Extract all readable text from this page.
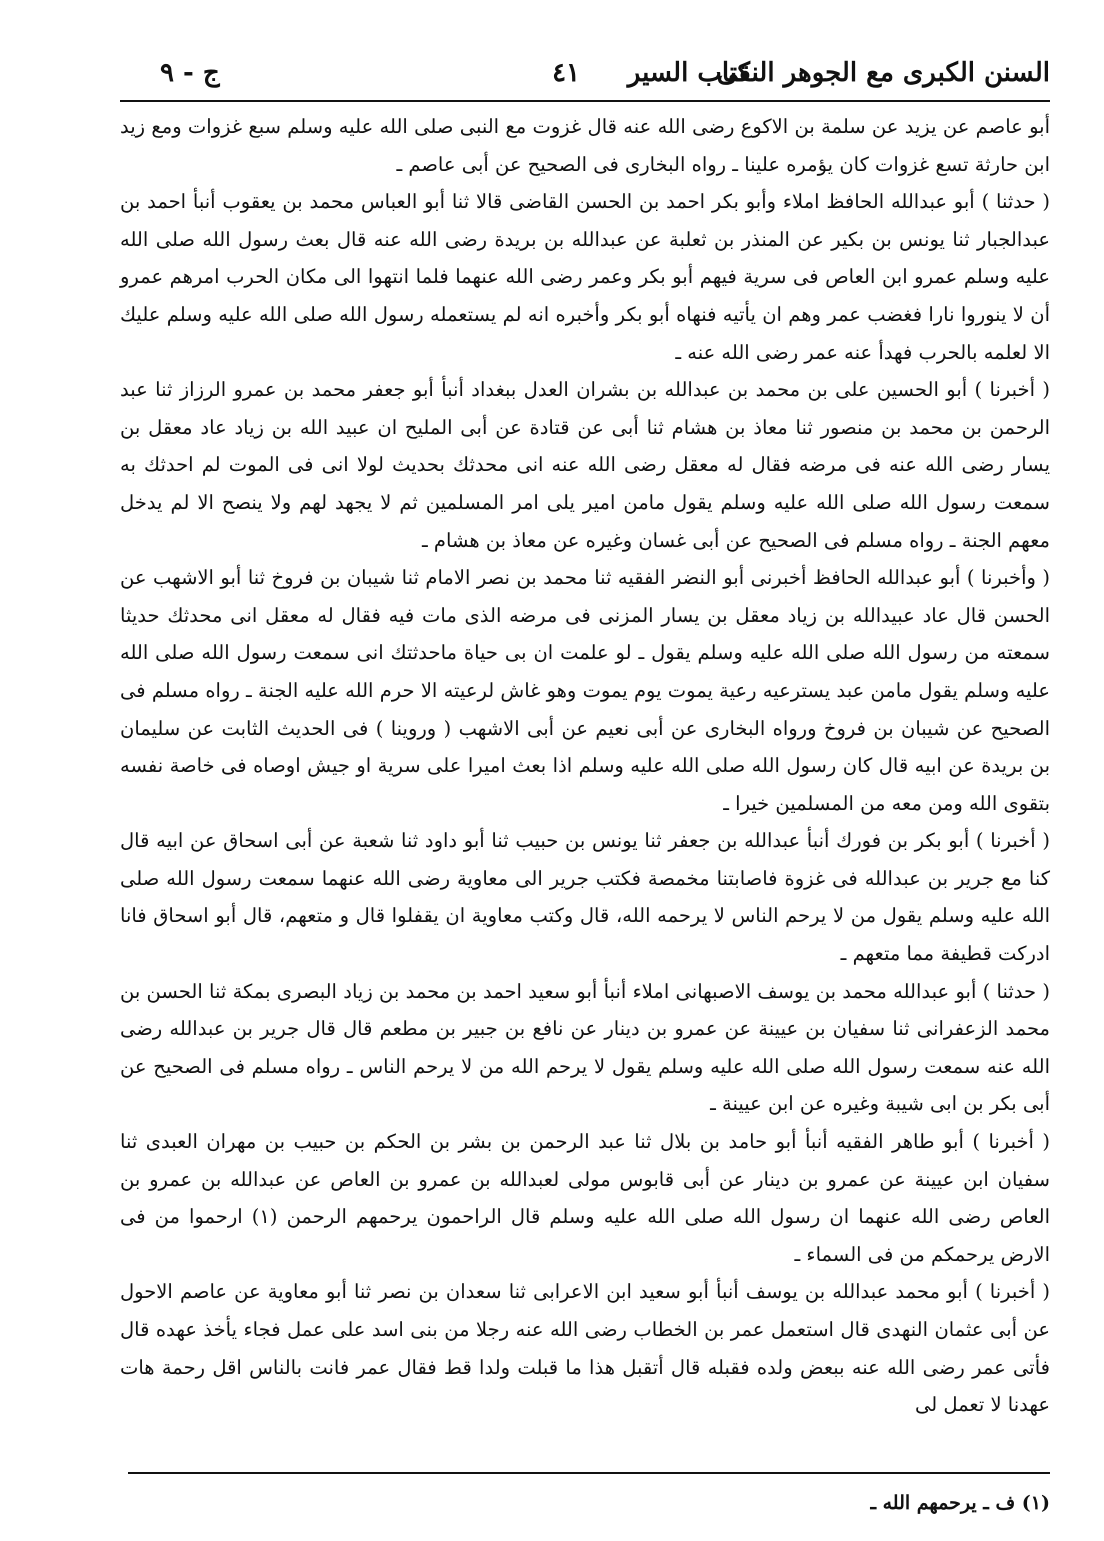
السنن الكبرى مع الجوهر النقى
٤١ كتاب السير
ج - ٩

أبو عاصم عن يزيد عن سلمة بن الاكوع رضى الله عنه قال غزوت مع النبى صلى الله عليه وسلم سبع غزوات ومع زيد ابن حارثة تسع غزوات كان يؤمره علينا ـ رواه البخارى فى الصحيح عن أبى عاصم ـ

( حدثنا ) أبو عبدالله الحافظ املاء وأبو بكر احمد بن الحسن القاضى قالا ثنا أبو العباس محمد بن يعقوب أنبأ احمد بن عبدالجبار ثنا يونس بن بكير عن المنذر بن ثعلبة عن عبدالله بن بريدة رضى الله عنه قال بعث رسول الله صلى الله عليه وسلم عمرو ابن العاص فى سرية فيهم أبو بكر وعمر رضى الله عنهما فلما انتهوا الى مكان الحرب امرهم عمرو أن لا ينوروا نارا فغضب عمر وهم ان يأتيه فنهاه أبو بكر وأخبره انه لم يستعمله رسول الله صلى الله عليه وسلم عليك الا لعلمه بالحرب فهدأ عنه عمر رضى الله عنه ـ

( أخبرنا ) أبو الحسين على بن محمد بن عبدالله بن بشران العدل ببغداد أنبأ أبو جعفر محمد بن عمرو الرزاز ثنا عبد الرحمن بن محمد بن منصور ثنا معاذ بن هشام ثنا أبى عن قتادة عن أبى المليح ان عبيد الله بن زياد عاد معقل بن يسار رضى الله عنه فى مرضه فقال له معقل رضى الله عنه انى محدثك بحديث لولا انى فى الموت لم احدثك به سمعت رسول الله صلى الله عليه وسلم يقول مامن امير يلى امر المسلمين ثم لا يجهد لهم ولا ينصح الا لم يدخل معهم الجنة ـ رواه مسلم فى الصحيح عن أبى غسان وغيره عن معاذ بن هشام ـ

( وأخبرنا ) أبو عبدالله الحافظ أخبرنى أبو النضر الفقيه ثنا محمد بن نصر الامام ثنا شيبان بن فروخ ثنا أبو الاشهب عن الحسن قال عاد عبيدالله بن زياد معقل بن يسار المزنى فى مرضه الذى مات فيه فقال له معقل انى محدثك حديثا سمعته من رسول الله صلى الله عليه وسلم يقول ـ لو علمت ان بى حياة ماحدثتك انى سمعت رسول الله صلى الله عليه وسلم يقول مامن عبد يسترعيه رعية يموت يوم يموت وهو غاش لرعيته الا حرم الله عليه الجنة ـ رواه مسلم فى الصحيح عن شيبان بن فروخ ورواه البخارى عن أبى نعيم عن أبى الاشهب ( وروينا ) فى الحديث الثابت عن سليمان بن بريدة عن ابيه قال كان رسول الله صلى الله عليه وسلم اذا بعث اميرا على سرية او جيش اوصاه فى خاصة نفسه بتقوى الله ومن معه من المسلمين خيرا ـ

( أخبرنا ) أبو بكر بن فورك أنبأ عبدالله بن جعفر ثنا يونس بن حبيب ثنا أبو داود ثنا شعبة عن أبى اسحاق عن ابيه قال كنا مع جرير بن عبدالله فى غزوة فاصابتنا مخمصة فكتب جرير الى معاوية رضى الله عنهما سمعت رسول الله صلى الله عليه وسلم يقول من لا يرحم الناس لا يرحمه الله، قال وكتب معاوية ان يقفلوا قال و متعهم، قال أبو اسحاق فانا ادركت قطيفة مما متعهم ـ

( حدثنا ) أبو عبدالله محمد بن يوسف الاصبهانى املاء أنبأ أبو سعيد احمد بن محمد بن زياد البصرى بمكة ثنا الحسن بن محمد الزعفرانى ثنا سفيان بن عيينة عن عمرو بن دينار عن نافع بن جبير بن مطعم قال قال جرير بن عبدالله رضى الله عنه سمعت رسول الله صلى الله عليه وسلم يقول لا يرحم الله من لا يرحم الناس ـ رواه مسلم فى الصحيح عن أبى بكر بن ابى شيبة وغيره عن ابن عيينة ـ

( أخبرنا ) أبو طاهر الفقيه أنبأ أبو حامد بن بلال ثنا عبد الرحمن بن بشر بن الحكم بن حبيب بن مهران العبدى ثنا سفيان ابن عيينة عن عمرو بن دينار عن أبى قابوس مولى لعبدالله بن عمرو بن العاص عن عبدالله بن عمرو بن العاص رضى الله عنهما ان رسول الله صلى الله عليه وسلم قال الراحمون يرحمهم الرحمن (١) ارحموا من فى الارض يرحمكم من فى السماء ـ

( أخبرنا ) أبو محمد عبدالله بن يوسف أنبأ أبو سعيد ابن الاعرابى ثنا سعدان بن نصر ثنا أبو معاوية عن عاصم الاحول عن أبى عثمان النهدى قال استعمل عمر بن الخطاب رضى الله عنه رجلا من بنى اسد على عمل فجاء يأخذ عهده قال فأتى عمر رضى الله عنه ببعض ولده فقبله قال أتقبل هذا ما قبلت ولدا قط فقال عمر فانت بالناس اقل رحمة هات عهدنا لا تعمل لى

(١) ف ـ يرحمهم الله ـ
